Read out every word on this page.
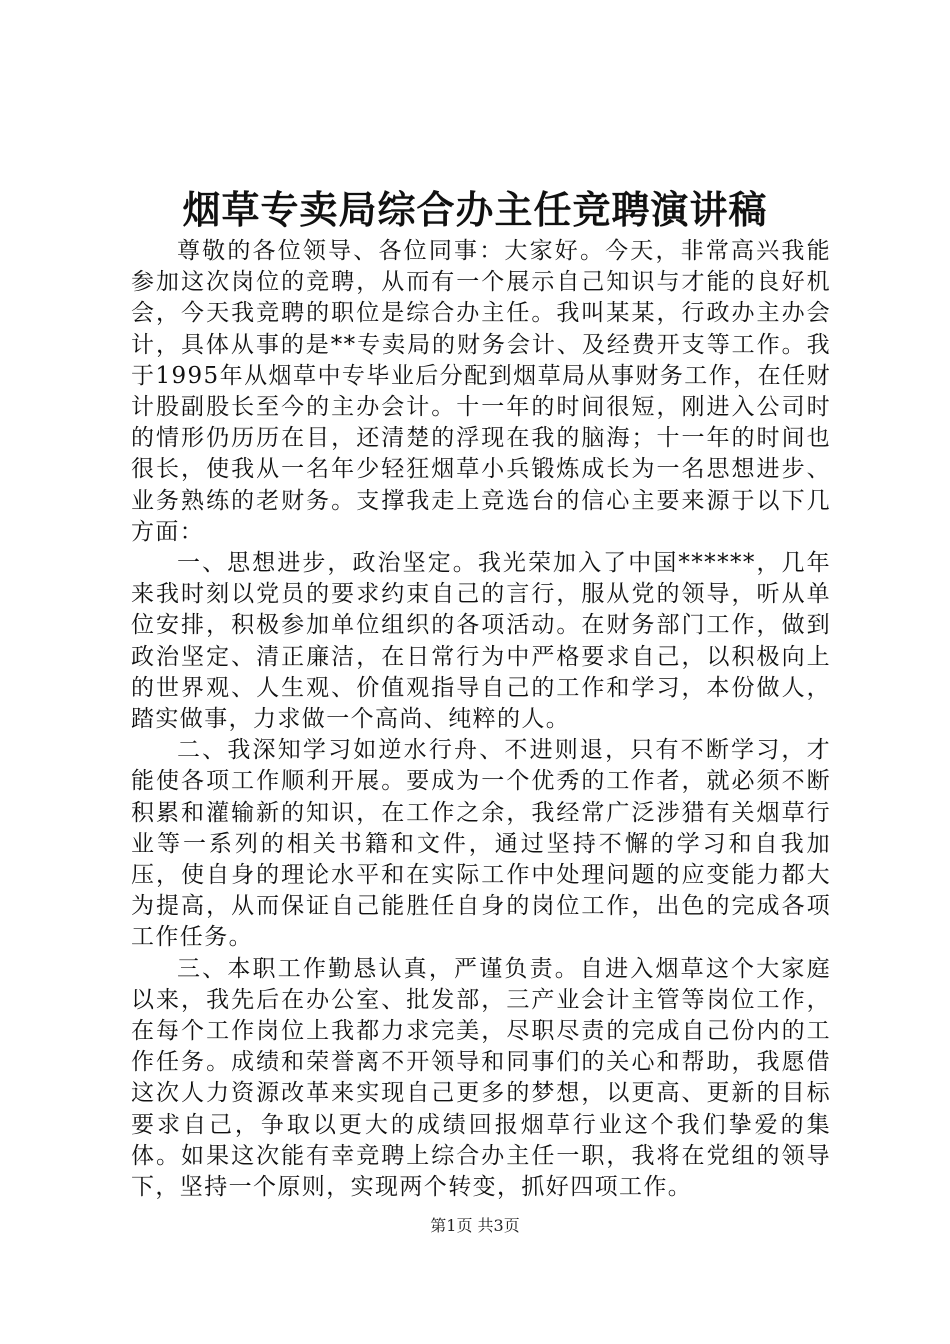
烟草专卖局综合办主任竞聘演讲稿

尊敬的各位领导、各位同事：大家好。今天，非常高兴我能参加这次岗位的竞聘，从而有一个展示自己知识与才能的良好机会，今天我竞聘的职位是综合办主任。我叫某某，行政办主办会计，具体从事的是**专卖局的财务会计、及经费开支等工作。我于1995年从烟草中专毕业后分配到烟草局从事财务工作，在任财计股副股长至今的主办会计。十一年的时间很短，刚进入公司时的情形仍历历在目，还清楚的浮现在我的脑海；十一年的时间也很长，使我从一名年少轻狂烟草小兵锻炼成长为一名思想进步、业务熟练的老财务。支撑我走上竞选台的信心主要来源于以下几方面：

一、思想进步，政治坚定。我光荣加入了中国******，几年来我时刻以党员的要求约束自己的言行，服从党的领导，听从单位安排，积极参加单位组织的各项活动。在财务部门工作，做到政治坚定、清正廉洁，在日常行为中严格要求自己，以积极向上的世界观、人生观、价值观指导自己的工作和学习，本份做人，踏实做事，力求做一个高尚、纯粹的人。

二、我深知学习如逆水行舟、不进则退，只有不断学习，才能使各项工作顺利开展。要成为一个优秀的工作者，就必须不断积累和灌输新的知识，在工作之余，我经常广泛涉猎有关烟草行业等一系列的相关书籍和文件，通过坚持不懈的学习和自我加压，使自身的理论水平和在实际工作中处理问题的应变能力都大为提高，从而保证自己能胜任自身的岗位工作，出色的完成各项工作任务。

三、本职工作勤恳认真，严谨负责。自进入烟草这个大家庭以来，我先后在办公室、批发部，三产业会计主管等岗位工作，在每个工作岗位上我都力求完美，尽职尽责的完成自己份内的工作任务。成绩和荣誉离不开领导和同事们的关心和帮助，我愿借这次人力资源改革来实现自己更多的梦想，以更高、更新的目标要求自己，争取以更大的成绩回报烟草行业这个我们挚爱的集体。如果这次能有幸竞聘上综合办主任一职，我将在党组的领导下，坚持一个原则，实现两个转变，抓好四项工作。

第1页 共3页
